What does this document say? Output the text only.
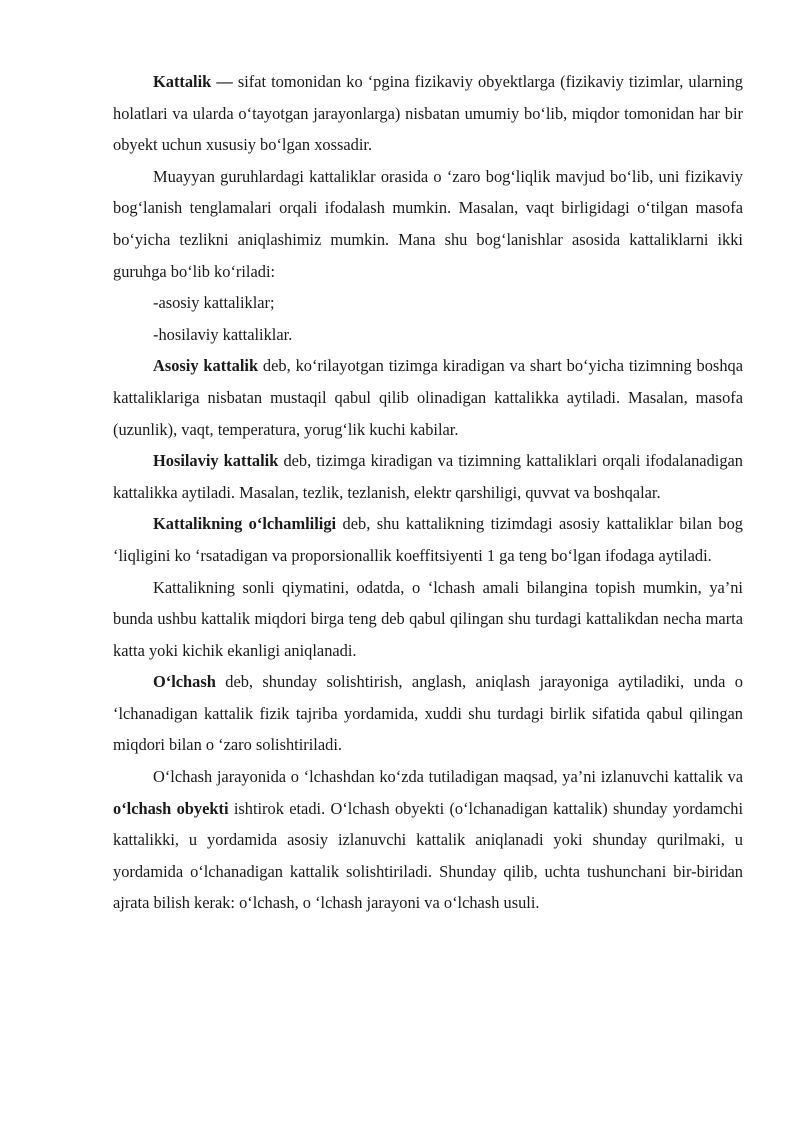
Kattalik — sifat tomonidan ko ‘pgina fizikaviy obyektlarga (fizikaviy tizimlar, ularning holatlari va ularda o‘tayotgan jarayonlarga) nisbatan umumiy bo‘lib, miqdor tomonidan har bir obyekt uchun xususiy bo‘lgan xossadir.

Muayyan guruhlardagi kattaliklar orasida o ‘zaro bog‘liqlik mavjud bo‘lib, uni fizikaviy bog‘lanish tenglamalari orqali ifodalash mumkin. Masalan, vaqt birligidagi o‘tilgan masofa bo‘yicha tezlikni aniqlashimiz mumkin. Mana shu bog‘lanishlar asosida kattaliklarni ikki guruhga bo‘lib ko‘riladi:

-asosiy kattaliklar;

-hosilaviy kattaliklar.

Asosiy kattalik deb, ko‘rilayotgan tizimga kiradigan va shart bo‘yicha tizimning boshqa kattaliklariga nisbatan mustaqil qabul qilib olinadigan kattalikka aytiladi. Masalan, masofa (uzunlik), vaqt, temperatura, yorug‘lik kuchi kabilar.

Hosilaviy kattalik deb, tizimga kiradigan va tizimning kattaliklari orqali ifodalanadigan kattalikka aytiladi. Masalan, tezlik, tezlanish, elektr qarshiligi, quvvat va boshqalar.

Kattalikning o‘lchamliligi deb, shu kattalikning tizimdagi asosiy kattaliklar bilan bog ‘liqligini ko ‘rsatadigan va proporsionallik koeffitsiyenti 1 ga teng bo‘lgan ifodaga aytiladi.

Kattalikning sonli qiymatini, odatda, o ‘lchash amali bilangina topish mumkin, ya’ni bunda ushbu kattalik miqdori birga teng deb qabul qilingan shu turdagi kattalikdan necha marta katta yoki kichik ekanligi aniqlanadi.

O‘lchash deb, shunday solishtirish, anglash, aniqlash jarayoniga aytiladiki, unda o ‘lchanadigan kattalik fizik tajriba yordamida, xuddi shu turdagi birlik sifatida qabul qilingan miqdori bilan o ‘zaro solishtiriladi.

O‘lchash jarayonida o ‘lchashdan ko‘zda tutiladigan maqsad, ya’ni izlanuvchi kattalik va o‘lchash obyekti ishtirok etadi. O‘lchash obyekti (o‘lchanadigan kattalik) shunday yordamchi kattalikki, u yordamida asosiy izlanuvchi kattalik aniqlanadi yoki shunday qurilmaki, u yordamida o‘lchanadigan kattalik solishtiriladi. Shunday qilib, uchta tushunchani bir-biridan ajrata bilish kerak: o‘lchash, o ‘lchash jarayoni va o‘lchash usuli.
